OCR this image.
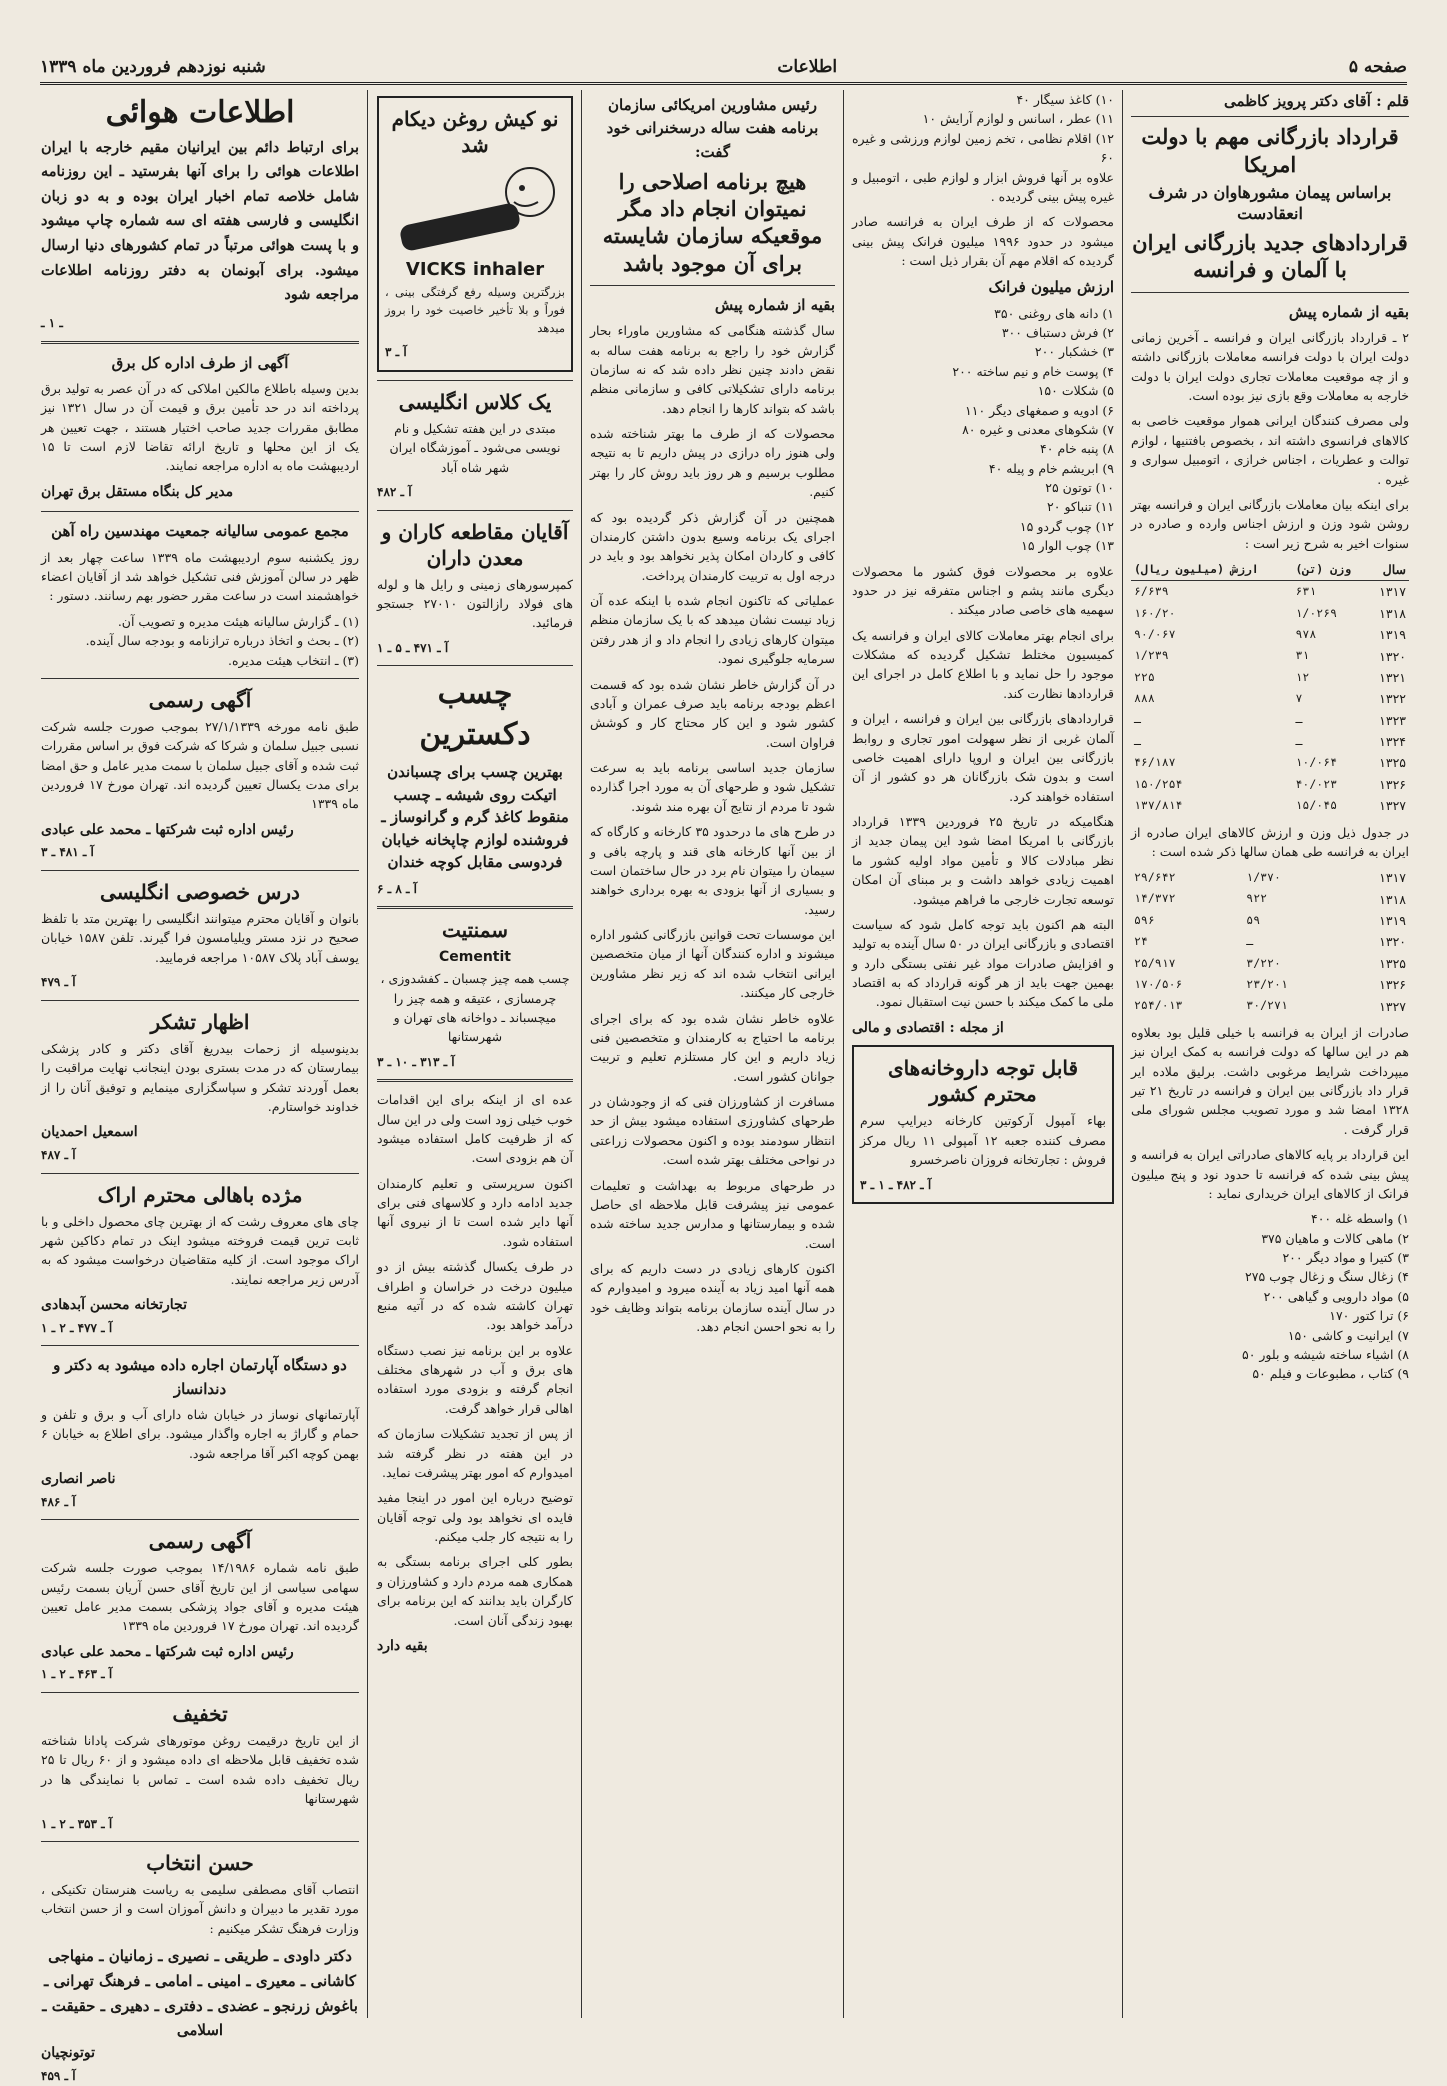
صفحه ۵
اطلاعات
شنبه نوزدهم فروردین ماه ۱۳۳۹
قلم : آقای دکتر پرویز کاظمی
قرارداد بازرگانی مهم با دولت امریکا
براساس پیمان مشورهاوان در شرف انعقادست
قراردادهای جدید بازرگانی ایران با آلمان و فرانسه
بقیه از شماره پیش

۲ ـ قرارداد بازرگانی ایران و فرانسه ـ آخرین زمانی دولت ایران با دولت فرانسه معاملات بازرگانی داشته و از چه موقعیت معاملات تجاری دولت ایران با دولت خارجه به معاملات وقع بازی نیز بوده است.

ولی مصرف کنندگان ایرانی هموار موقعیت خاصی به کالاهای فرانسوی داشته اند ، بخصوص بافتنیها ، لوازم توالت و عطریات ، اجناس خرازی ، اتومبیل سواری و غیره .

برای اینکه بیان معاملات بازرگانی ایران و فرانسه بهتر روشن شود وزن و ارزش اجناس وارده و صادره در سنوات اخیر به شرح زیر است :

سال	وزن (تن)	ارزش (میلیون ریال)
۱۳۱۷	۶۳۱	۶/۶۳۹
۱۳۱۸	۱/۰۲۶۹	۱۶۰/۲۰
۱۳۱۹	۹۷۸	۹۰/۰۶۷
۱۳۲۰	۳۱	۱/۲۳۹
۱۳۲۱	۱۲	۲۲۵
۱۳۲۲	۷	۸۸۸
۱۳۲۳	ـ	ـ
۱۳۲۴	ـ	ـ
۱۳۲۵	۱۰/۰۶۴	۴۶/۱۸۷
۱۳۲۶	۴۰/۰۲۳	۱۵۰/۲۵۴
۱۳۲۷	۱۵/۰۴۵	۱۳۷/۸۱۴

در جدول ذیل وزن و ارزش کالاهای ایران صادره از ایران به فرانسه طی همان سالها ذکر شده است :

۱۳۱۷	۱/۳۷۰	۲۹/۶۴۲
۱۳۱۸	۹۲۲	۱۴/۳۷۲
۱۳۱۹	۵۹	۵۹۶
۱۳۲۰	ـ	۲۴
۱۳۲۵	۳/۲۲۰	۲۵/۹۱۷
۱۳۲۶	۲۳/۲۰۱	۱۷۰/۵۰۶
۱۳۲۷	۳۰/۲۷۱	۲۵۴/۰۱۳

صادرات از ایران به فرانسه با خیلی قلیل بود بعلاوه هم در این سالها که دولت فرانسه به کمک ایران نیز میپرداخت شرایط مرغوبی داشت. برلیق ملاده ایر قرار داد بازرگانی بین ایران و فرانسه در تاریخ ۲۱ تیر ۱۳۲۸ امضا شد و مورد تصویب مجلس شورای ملی قرار گرفت .

این قرارداد بر پایه کالاهای صادراتی ایران به فرانسه و پیش بینی شده که فرانسه تا حدود نود و پنج میلیون فرانک از کالاهای ایران خریداری نماید :

۱) واسطه غله ۴۰۰
۲) ماهی کالات و ماهیان ۳۷۵
۳) کتیرا و مواد دیگر ۲۰۰
۴) زغال سنگ و زغال چوب ۲۷۵
۵) مواد دارویی و گیاهی ۲۰۰
۶) ترا کتور ۱۷۰
۷) ایرانیت و کاشی ۱۵۰
۸) اشیاء ساخته شیشه و بلور ۵۰
۹) کتاب ، مطبوعات و فیلم ۵۰
۱۰) کاغذ سیگار ۴۰
۱۱) عطر ، اسانس و لوازم آرایش ۱۰
۱۲) اقلام نظامی ، تخم زمین لوازم ورزشی و غیره ۶۰

علاوه بر آنها فروش ابزار و لوازم طبی ، اتومبیل و غیره پیش بینی گردیده .

محصولات که از طرف ایران به فرانسه صادر میشود در حدود ۱۹۹۶ میلیون فرانک پیش بینی گردیده که اقلام مهم آن بقرار ذیل است :

ارزش میلیون فرانک
۱) دانه های روغنی ۳۵۰
۲) فرش دستباف ۳۰۰
۳) خشکبار ۲۰۰
۴) پوست خام و نیم ساخته ۲۰۰
۵) شکلات ۱۵۰
۶) ادویه و صمغهای دیگر ۱۱۰
۷) شکوهای معدنی و غیره ۸۰
۸) پنبه خام ۴۰
۹) ابریشم خام و پیله ۴۰
۱۰) توتون ۲۵
۱۱) تنباکو ۲۰
۱۲) چوب گردو ۱۵
۱۳) چوب الوار ۱۵

علاوه بر محصولات فوق کشور ما محصولات دیگری مانند پشم و اجناس متفرقه نیز در حدود سهمیه های خاصی صادر میکند .

برای انجام بهتر معاملات کالای ایران و فرانسه یک کمیسیون مختلط تشکیل گردیده که مشکلات موجود را حل نماید و با اطلاع کامل در اجرای این قراردادها نظارت کند.

قراردادهای بازرگانی بین ایران و فرانسه ، ایران و آلمان غربی از نظر سهولت امور تجاری و روابط بازرگانی بین ایران و اروپا دارای اهمیت خاصی است و بدون شک بازرگانان هر دو کشور از آن استفاده خواهند کرد.

هنگامیکه در تاریخ ۲۵ فروردین ۱۳۳۹ قرارداد بازرگانی با امریکا امضا شود این پیمان جدید از نظر مبادلات کالا و تأمین مواد اولیه کشور ما اهمیت زیادی خواهد داشت و بر مبنای آن امکان توسعه تجارت خارجی ما فراهم میشود.

البته هم اکنون باید توجه کامل شود که سیاست اقتصادی و بازرگانی ایران در ۵۰ سال آینده به تولید و افزایش صادرات مواد غیر نفتی بستگی دارد و بهمین جهت باید از هر گونه قرارداد که به اقتصاد ملی ما کمک میکند با حسن نیت استقبال نمود.

از مجله : اقتصادی و مالی
قابل توجه داروخانه‌های محترم کشور

بهاء آمپول آرکوتین کارخانه دیرایپ سرم مصرف کننده جعبه ۱۲ آمپولی ۱۱ ریال مرکز فروش : تجارتخانه فروزان ناصرخسرو

آ ـ ۴۸۲ ـ ۱ ـ ۳
رئیس مشاورین امریکائی سازمان برنامه هفت ساله درسخنرانی خود گفت:
هیچ برنامه اصلاحی را نمیتوان انجام داد مگر موقعیکه سازمان شایسته برای آن موجود باشد
بقیه از شماره پیش

سال گذشته هنگامی که مشاورین ماوراء بحار گزارش خود را راجع به برنامه هفت ساله به نقض دادند چنین نظر داده شد که نه سازمان برنامه دارای تشکیلاتی کافی و سازمانی منظم باشد که بتواند کارها را انجام دهد.

محصولات که از طرف ما بهتر شناخته شده ولی هنوز راه درازی در پیش داریم تا به نتیجه مطلوب برسیم و هر روز باید روش کار را بهتر کنیم.

همچنین در آن گزارش ذکر گردیده بود که اجرای یک برنامه وسیع بدون داشتن کارمندان کافی و کاردان امکان پذیر نخواهد بود و باید در درجه اول به تربیت کارمندان پرداخت.

عملیاتی که تاکنون انجام شده با اینکه عده آن زیاد نیست نشان میدهد که با یک سازمان منظم میتوان کارهای زیادی را انجام داد و از هدر رفتن سرمایه جلوگیری نمود.

در آن گزارش خاطر نشان شده بود که قسمت اعظم بودجه برنامه باید صرف عمران و آبادی کشور شود و این کار محتاج کار و کوشش فراوان است.

سازمان جدید اساسی برنامه باید به سرعت تشکیل شود و طرحهای آن به مورد اجرا گذارده شود تا مردم از نتایج آن بهره مند شوند.

در طرح های ما درحدود ۳۵ کارخانه و کارگاه که از بین آنها کارخانه های قند و پارچه بافی و سیمان را میتوان نام برد در حال ساختمان است و بسیاری از آنها بزودی به بهره برداری خواهند رسید.

این موسسات تحت قوانین بازرگانی کشور اداره میشوند و اداره کنندگان آنها از میان متخصصین ایرانی انتخاب شده اند که زیر نظر مشاورین خارجی کار میکنند.

علاوه خاطر نشان شده بود که برای اجرای برنامه ما احتیاج به کارمندان و متخصصین فنی زیاد داریم و این کار مستلزم تعلیم و تربیت جوانان کشور است.

مسافرت از کشاورزان فنی که از وجودشان در طرحهای کشاورزی استفاده میشود بیش از حد انتظار سودمند بوده و اکنون محصولات زراعتی در نواحی مختلف بهتر شده است.

در طرحهای مربوط به بهداشت و تعلیمات عمومی نیز پیشرفت قابل ملاحظه ای حاصل شده و بیمارستانها و مدارس جدید ساخته شده است.

اکنون کارهای زیادی در دست داریم که برای همه آنها امید زیاد به آینده میرود و امیدوارم که در سال آینده سازمان برنامه بتواند وظایف خود را به نحو احسن انجام دهد.

نو کیش روغن دیکام شد
VICKS inhaler

بزرگترین وسیله رفع گرفتگی بینی ، فوراً و بلا تأخیر خاصیت خود را بروز میدهد

آ ـ ۳
یک کلاس انگلیسی

مبتدی در این هفته تشکیل و نام نویسی می‌شود ـ آموزشگاه ایران شهر شاه آباد

آ ـ ۴۸۲
آقایان مقاطعه کاران و معدن داران

کمپرسورهای زمینی و رایل ها و لوله های فولاد رازالتون ۲۷۰۱۰ جستجو فرمائید.

آ ـ ۴۷۱ ـ ۵ ـ ۱
چسب دکسترین

بهترین چسب برای چسباندن اتیکت روی شیشه ـ چسب منقوط کاغذ گرم و گرانوساز ـ فروشنده لوازم چاپخانه خیابان فردوسی مقابل کوچه خندان

آ ـ ۸ ـ ۶
سمنتیت
Cementit

چسب همه چیز چسبان ـ کفشدوزی ، چرمسازی ، عتیقه و همه چیز را میچسباند ـ دواخانه های تهران و شهرستانها

آ ـ ۳۱۳ ـ ۱۰ ـ ۳

عده ای از اینکه برای این اقدامات خوب خیلی زود است ولی در این سال که از ظرفیت کامل استفاده میشود آن هم بزودی است.

اکنون سرپرستی و تعلیم کارمندان جدید ادامه دارد و کلاسهای فنی برای آنها دایر شده است تا از نیروی آنها استفاده شود.

در طرف یکسال گذشته بیش از دو میلیون درخت در خراسان و اطراف تهران کاشته شده که در آتیه منبع درآمد خواهد بود.

علاوه بر این برنامه نیز نصب دستگاه های برق و آب در شهرهای مختلف انجام گرفته و بزودی مورد استفاده اهالی قرار خواهد گرفت.

از پس از تجدید تشکیلات سازمان که در این هفته در نظر گرفته شد امیدوارم که امور بهتر پیشرفت نماید.

توضیح درباره این امور در اینجا مفید فایده ای نخواهد بود ولی توجه آقایان را به نتیجه کار جلب میکنم.

بطور کلی اجرای برنامه بستگی به همکاری همه مردم دارد و کشاورزان و کارگران باید بدانند که این برنامه برای بهبود زندگی آنان است.

بقیه دارد
اطلاعات هوائی

برای ارتباط دائم بین ایرانیان مقیم خارجه با ایران اطلاعات هوائی را برای آنها بفرستید ـ این روزنامه شامل خلاصه تمام اخبار ایران بوده و به دو زبان انگلیسی و فارسی هفته ای سه شماره چاپ میشود و با پست هوائی مرتباً در تمام کشورهای دنیا ارسال میشود. برای آبونمان به دفتر روزنامه اطلاعات مراجعه شود

ـ ۱ ـ
آگهی از طرف اداره کل برق

بدین وسیله باطلاع مالکین املاکی که در آن عصر به تولید برق پرداخته اند در حد تأمین برق و قیمت آن در سال ۱۳۲۱ نیز مطابق مقررات جدید صاحب اختیار هستند ، جهت تعیین هر یک از این محلها و تاریخ ارائه تقاضا لازم است تا ۱۵ اردیبهشت ماه به اداره مراجعه نمایند.

مدیر کل بنگاه مستقل برق تهران
مجمع عمومی سالیانه جمعیت مهندسین راه آهن

روز یکشنبه سوم اردیبهشت ماه ۱۳۳۹ ساعت چهار بعد از ظهر در سالن آموزش فنی تشکیل خواهد شد از آقایان اعضاء خواهشمند است در ساعت مقرر حضور بهم رسانند. دستور :

(۱) ـ گزارش سالیانه هیئت مدیره و تصویب آن.
(۲) ـ بحث و اتخاذ درباره ترازنامه و بودجه سال آینده.
(۳) ـ انتخاب هیئت مدیره.
آگهی رسمی

طبق نامه مورخه ۲۷/۱/۱۳۳۹ بموجب صورت جلسه شرکت نسبی جبیل سلمان و شرکا که شرکت فوق بر اساس مقررات ثبت شده و آقای جبیل سلمان با سمت مدیر عامل و حق امضا برای مدت یکسال تعیین گردیده اند. تهران مورخ ۱۷ فروردین ماه ۱۳۳۹

رئیس اداره ثبت شرکتها ـ محمد علی عبادی
آ ـ ۴۸۱ ـ ۳
درس خصوصی انگلیسی

بانوان و آقایان محترم میتوانند انگلیسی را بهترین متد با تلفظ صحیح در نزد مستر ویلیامسون فرا گیرند. تلفن ۱۵۸۷ خیابان یوسف آباد پلاک ۱۰۵۸۷ مراجعه فرمایید.

آ ـ ۴۷۹
اظهار تشکر

بدینوسیله از زحمات بیدریغ آقای دکتر و کادر پزشکی بیمارستان که در مدت بستری بودن اینجانب نهایت مراقبت را بعمل آوردند تشکر و سپاسگزاری مینمایم و توفیق آنان را از خداوند خواستارم.

اسمعیل احمدیان
آ ـ ۴۸۷
مژده باهالی محترم اراک

چای های معروف رشت که از بهترین چای محصول داخلی و با ثابت ترین قیمت فروخته میشود اینک در تمام دکاکین شهر اراک موجود است. از کلیه متقاضیان درخواست میشود که به آدرس زیر مراجعه نمایند.

تجارتخانه محسن آبدهادی
آ ـ ۴۷۷ ـ ۲ ـ ۱
دو دستگاه آپارتمان اجاره داده میشود به دکتر و دندانساز

آپارتمانهای نوساز در خیابان شاه دارای آب و برق و تلفن و حمام و گاراژ به اجاره واگذار میشود. برای اطلاع به خیابان ۶ بهمن کوچه اکبر آقا مراجعه شود.

ناصر انصاری
آ ـ ۴۸۶
آگهی رسمی

طبق نامه شماره ۱۴/۱۹۸۶ بموجب صورت جلسه شرکت سهامی سیاسی از این تاریخ آقای حسن آریان بسمت رئیس هیئت مدیره و آقای جواد پزشکی بسمت مدیر عامل تعیین گردیده اند. تهران مورخ ۱۷ فروردین ماه ۱۳۳۹

رئیس اداره ثبت شرکتها ـ محمد علی عبادی
آ ـ ۴۶۳ ـ ۲ ـ ۱
تخفیف

از این تاریخ درقیمت روغن موتورهای شرکت پادانا شناخته شده تخفیف قابل ملاحظه ای داده میشود و از ۶۰ ریال تا ۲۵ ریال تخفیف داده شده است ـ تماس با نمایندگی ها در شهرستانها

آ ـ ۳۵۳ ـ ۲ ـ ۱
حسن انتخاب

انتصاب آقای مصطفی سلیمی به ریاست هنرستان تکنیکی ، مورد تقدیر ما دبیران و دانش آموزان است و از حسن انتخاب وزارت فرهنگ تشکر میکنیم :

دکتر داودی ـ طریقی ـ نصیری ـ زمانیان ـ منهاجی کاشانی ـ معیری ـ امینی ـ امامی ـ فرهنگ تهرانی ـ باغوش زرنجو ـ عضدی ـ دفتری ـ دهیری ـ حقیقت ـ اسلامی
توتونچیان
آ ـ ۴۵۹
